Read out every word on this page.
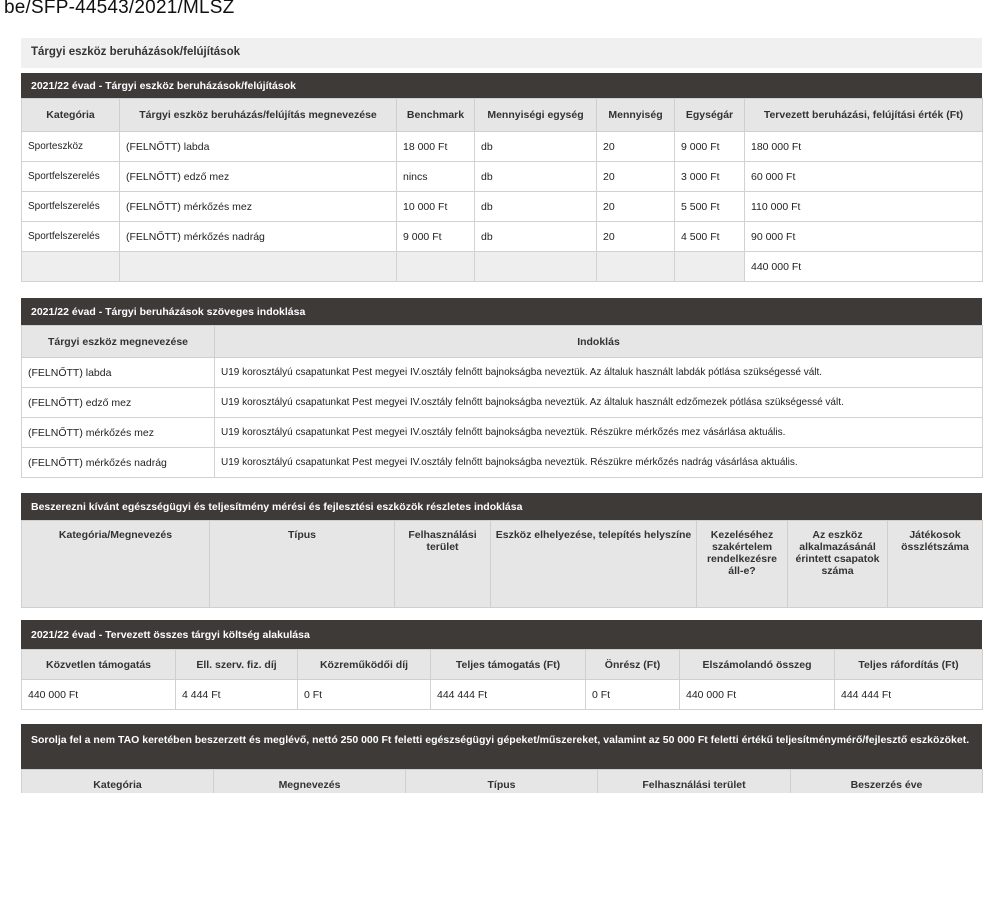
be/SFP-44543/2021/MLSZ
Tárgyi eszköz beruházások/felújítások
2021/22 évad - Tárgyi eszköz beruházások/felújítások
Kategória	Tárgyi eszköz beruházás/felújítás megnevezése	Benchmark	Mennyiségi egység	Mennyiség	Egységár	Tervezett beruházási, felújítási érték (Ft)
Sporteszköz	(FELNŐTT) labda	18 000 Ft	db	20	9 000 Ft	180 000 Ft
Sportfelszerelés	(FELNŐTT) edző mez	nincs	db	20	3 000 Ft	60 000 Ft
Sportfelszerelés	(FELNŐTT) mérkőzés mez	10 000 Ft	db	20	5 500 Ft	110 000 Ft
Sportfelszerelés	(FELNŐTT) mérkőzés nadrág	9 000 Ft	db	20	4 500 Ft	90 000 Ft
						440 000 Ft
2021/22 évad - Tárgyi beruházások szöveges indoklása
Tárgyi eszköz megnevezése	Indoklás
(FELNŐTT) labda	U19 korosztályú csapatunkat Pest megyei IV.osztály felnőtt bajnokságba neveztük. Az általuk használt labdák pótlása szükségessé vált.
(FELNŐTT) edző mez	U19 korosztályú csapatunkat Pest megyei IV.osztály felnőtt bajnokságba neveztük. Az általuk használt edzőmezek pótlása szükségessé vált.
(FELNŐTT) mérkőzés mez	U19 korosztályú csapatunkat Pest megyei IV.osztály felnőtt bajnokságba neveztük. Részükre mérkőzés mez vásárlása aktuális.
(FELNŐTT) mérkőzés nadrág	U19 korosztályú csapatunkat Pest megyei IV.osztály felnőtt bajnokságba neveztük. Részükre mérkőzés nadrág vásárlása aktuális.
Beszerezni kívánt egészségügyi és teljesítmény mérési és fejlesztési eszközök részletes indoklása
Kategória/Megnevezés	Típus	Felhasználási terület	Eszköz elhelyezése, telepítés helyszíne	Kezeléséhez szakértelem rendelkezésre áll-e?	Az eszköz alkalmazásánál érintett csapatok száma	Játékosok összlétszáma
2021/22 évad - Tervezett összes tárgyi költség alakulása
Közvetlen támogatás	Ell. szerv. fiz. díj	Közreműködői díj	Teljes támogatás (Ft)	Önrész (Ft)	Elszámolandó összeg	Teljes ráfordítás (Ft)
440 000 Ft	4 444 Ft	0 Ft	444 444 Ft	0 Ft	440 000 Ft	444 444 Ft
Sorolja fel a nem TAO keretében beszerzett és meglévő, nettó 250 000 Ft feletti egészségügyi gépeket/műszereket, valamint az 50 000 Ft feletti értékű teljesítménymérő/fejlesztő eszközöket.
Kategória	Megnevezés	Típus	Felhasználási terület	Beszerzés éve
